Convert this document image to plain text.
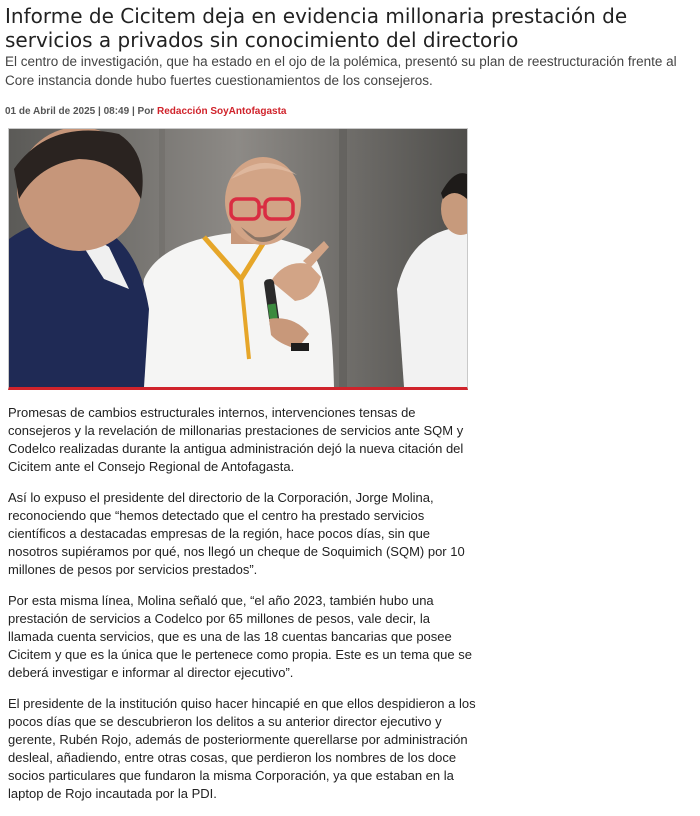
Informe de Cicitem deja en evidencia millonaria prestación de servicios a privados sin conocimiento del directorio

El centro de investigación, que ha estado en el ojo de la polémica, presentó su plan de reestructuración frente al Core instancia donde hubo fuertes cuestionamientos de los consejeros.

01 de Abril de 2025 | 08:49 | Por Redacción SoyAntofagasta

Promesas de cambios estructurales internos, intervenciones tensas de consejeros y la revelación de millonarias prestaciones de servicios ante SQM y Codelco realizadas durante la antigua administración dejó la nueva citación del Cicitem ante el Consejo Regional de Antofagasta.

Así lo expuso el presidente del directorio de la Corporación, Jorge Molina, reconociendo que “hemos detectado que el centro ha prestado servicios científicos a destacadas empresas de la región, hace pocos días, sin que nosotros supiéramos por qué, nos llegó un cheque de Soquimich (SQM) por 10 millones de pesos por servicios prestados”.

Por esta misma línea, Molina señaló que, “el año 2023, también hubo una prestación de servicios a Codelco por 65 millones de pesos, vale decir, la llamada cuenta servicios, que es una de las 18 cuentas bancarias que posee Cicitem y que es la única que le pertenece como propia. Este es un tema que se deberá investigar e informar al director ejecutivo”.

El presidente de la institución quiso hacer hincapié en que ellos despidieron a los pocos días que se descubrieron los delitos a su anterior director ejecutivo y gerente, Rubén Rojo, además de posteriormente querellarse por administración desleal, añadiendo, entre otras cosas, que perdieron los nombres de los doce socios particulares que fundaron la misma Corporación, ya que estaban en la laptop de Rojo incautada por la PDI.
